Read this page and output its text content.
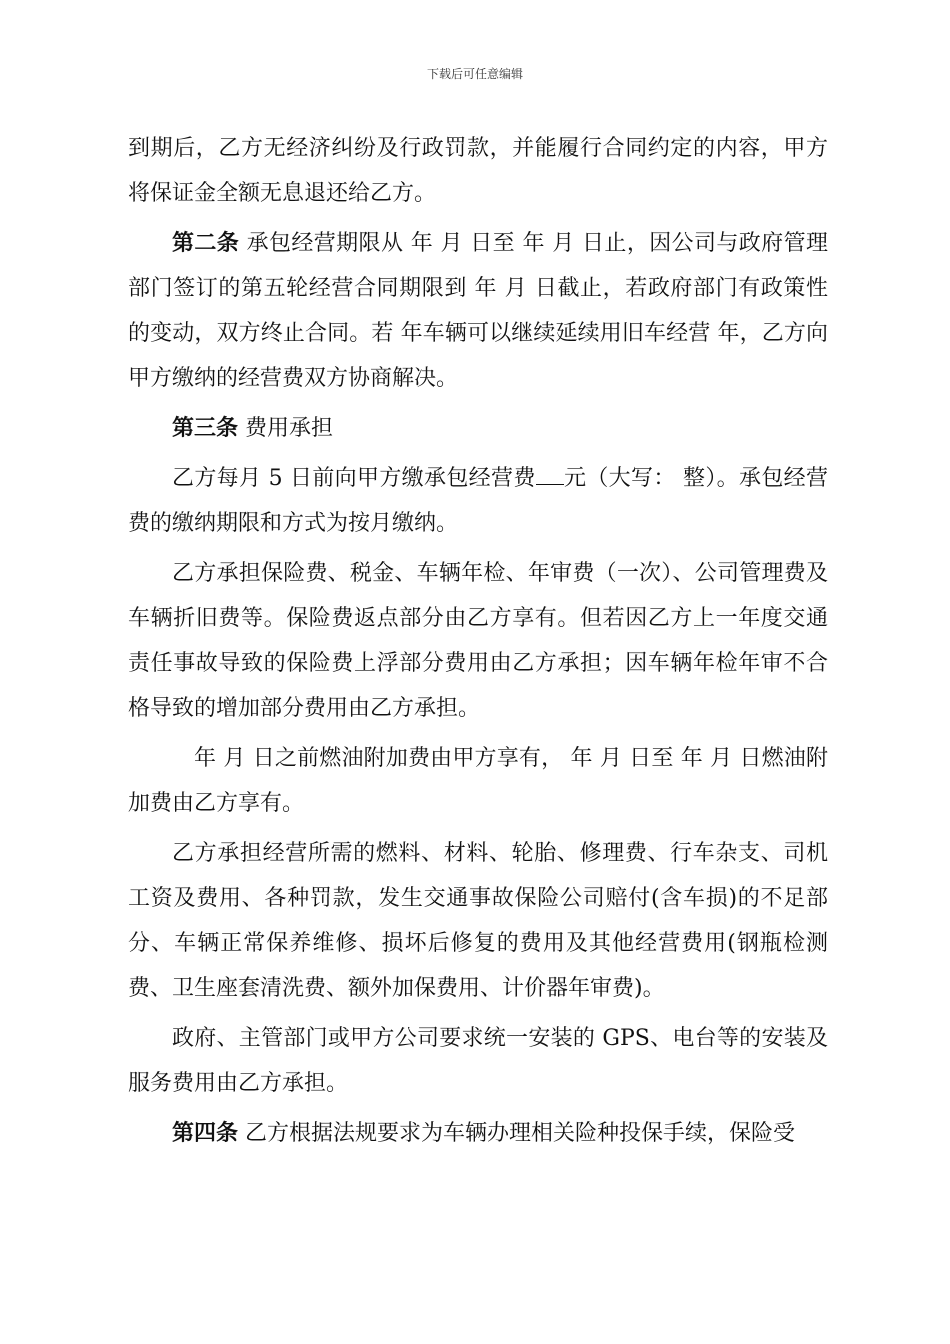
下载后可任意编辑

到期后，乙方无经济纠纷及行政罚款，并能履行合同约定的内容，甲方将保证金全额无息退还给乙方。

第二条 承包经营期限从 年 月 日至 年 月 日止，因公司与政府管理部门签订的第五轮经营合同期限到 年 月 日截止，若政府部门有政策性的变动，双方终止合同。若 年车辆可以继续延续用旧车经营 年，乙方向甲方缴纳的经营费双方协商解决。

第三条 费用承担

乙方每月 5 日前向甲方缴承包经营费 元（大写： 整）。承包经营费的缴纳期限和方式为按月缴纳。

乙方承担保险费、税金、车辆年检、年审费（一次）、公司管理费及车辆折旧费等。保险费返点部分由乙方享有。但若因乙方上一年度交通责任事故导致的保险费上浮部分费用由乙方承担；因车辆年检年审不合格导致的增加部分费用由乙方承担。

年 月 日之前燃油附加费由甲方享有， 年 月 日至 年 月 日燃油附加费由乙方享有。

乙方承担经营所需的燃料、材料、轮胎、修理费、行车杂支、司机工资及费用、各种罚款，发生交通事故保险公司赔付(含车损)的不足部分、车辆正常保养维修、损坏后修复的费用及其他经营费用(钢瓶检测费、卫生座套清洗费、额外加保费用、计价器年审费)。

政府、主管部门或甲方公司要求统一安装的 GPS、电台等的安装及服务费用由乙方承担。

第四条 乙方根据法规要求为车辆办理相关险种投保手续，保险受
